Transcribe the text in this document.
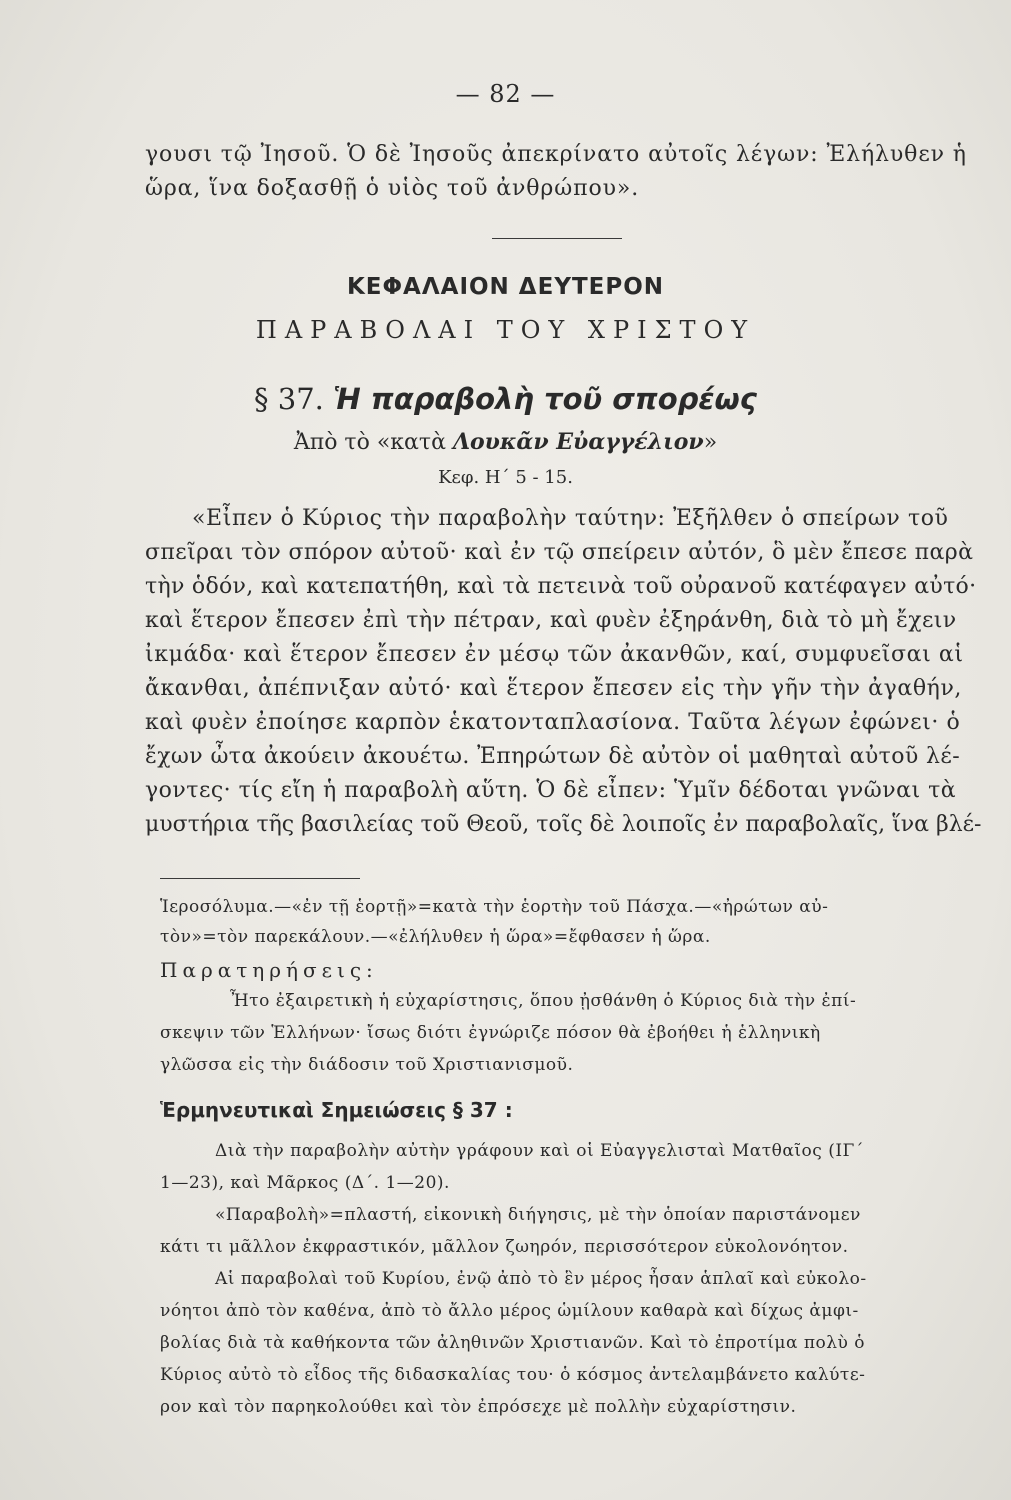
— 82 —
γουσι τῷ Ἰησοῦ. Ὁ δὲ Ἰησοῦς ἀπεκρίνατο αὐτοῖς λέγων: Ἐλήλυθεν ἡ
ὥρα, ἵνα δοξασθῇ ὁ υἱὸς τοῦ ἀνθρώπου».
ΚΕΦΑΛΑΙΟΝ ΔΕΥΤΕΡΟΝ
ΠΑΡΑΒΟΛΑΙ ΤΟΥ ΧΡΙΣΤΟΥ
§ 37. Ἡ παραβολὴ τοῦ σπορέως
Ἀπὸ τὸ «κατὰ Λουκᾶν Εὐαγγέλιον»
Κεφ. Η΄ 5 - 15.
«Εἶπεν ὁ Κύριος τὴν παραβολὴν ταύτην: Ἐξῆλθεν ὁ σπείρων τοῦ
σπεῖραι τὸν σπόρον αὐτοῦ· καὶ ἐν τῷ σπείρειν αὐτόν, ὃ μὲν ἔπεσε παρὰ
τὴν ὁδόν, καὶ κατεπατήθη, καὶ τὰ πετεινὰ τοῦ οὐρανοῦ κατέφαγεν αὐτό·
καὶ ἕτερον ἔπεσεν ἐπὶ τὴν πέτραν, καὶ φυὲν ἐξηράνθη, διὰ τὸ μὴ ἔχειν
ἰκμάδα· καὶ ἕτερον ἔπεσεν ἐν μέσῳ τῶν ἀκανθῶν, καί, συμφυεῖσαι αἱ
ἄκανθαι, ἀπέπνιξαν αὐτό· καὶ ἕτερον ἔπεσεν εἰς τὴν γῆν τὴν ἀγαθήν,
καὶ φυὲν ἐποίησε καρπὸν ἑκατονταπλασίονα. Ταῦτα λέγων ἐφώνει· ὁ
ἔχων ὦτα ἀκούειν ἀκουέτω. Ἐπηρώτων δὲ αὐτὸν οἱ μαθηταὶ αὐτοῦ λέ-
γοντες· τίς εἴη ἡ παραβολὴ αὕτη. Ὁ δὲ εἶπεν: Ὑμῖν δέδοται γνῶναι τὰ
μυστήρια τῆς βασιλείας τοῦ Θεοῦ, τοῖς δὲ λοιποῖς ἐν παραβολαῖς, ἵνα βλέ-
Ἱεροσόλυμα.—«ἐν τῇ ἑορτῇ»=κατὰ τὴν ἑορτὴν τοῦ Πάσχα.—«ἠρώτων αὐ-
τὸν»=τὸν παρεκάλουν.—«ἐλήλυθεν ἡ ὥρα»=ἔφθασεν ἡ ὥρα.
Παρατηρήσεις:
Ἦτο ἐξαιρετικὴ ἡ εὐχαρίστησις, ὅπου ᾐσθάνθη ὁ Κύριος διὰ τὴν ἐπί-
σκεψιν τῶν Ἑλλήνων· ἴσως διότι ἐγνώριζε πόσον θὰ ἐβοήθει ἡ ἑλληνικὴ
γλῶσσα εἰς τὴν διάδοσιν τοῦ Χριστιανισμοῦ.
Ἑρμηνευτικαὶ Σημειώσεις § 37 :
Διὰ τὴν παραβολὴν αὐτὴν γράφουν καὶ οἱ Εὐαγγελισταὶ Ματθαῖος (ΙΓ΄
1—23), καὶ Μᾶρκος (Δ΄. 1—20).
«Παραβολὴ»=πλαστή, εἰκονικὴ διήγησις, μὲ τὴν ὁποίαν παριστάνομεν
κάτι τι μᾶλλον ἐκφραστικόν, μᾶλλον ζωηρόν, περισσότερον εὐκολονόητον.
Αἱ παραβολαὶ τοῦ Κυρίου, ἐνῷ ἀπὸ τὸ ἓν μέρος ἦσαν ἁπλαῖ καὶ εὐκολο-
νόητοι ἀπὸ τὸν καθένα, ἀπὸ τὸ ἄλλο μέρος ὡμίλουν καθαρὰ καὶ δίχως ἀμφι-
βολίας διὰ τὰ καθήκοντα τῶν ἀληθινῶν Χριστιανῶν. Καὶ τὸ ἐπροτίμα πολὺ ὁ
Κύριος αὐτὸ τὸ εἶδος τῆς διδασκαλίας του· ὁ κόσμος ἀντελαμβάνετο καλύτε-
ρον καὶ τὸν παρηκολούθει καὶ τὸν ἐπρόσεχε μὲ πολλὴν εὐχαρίστησιν.
